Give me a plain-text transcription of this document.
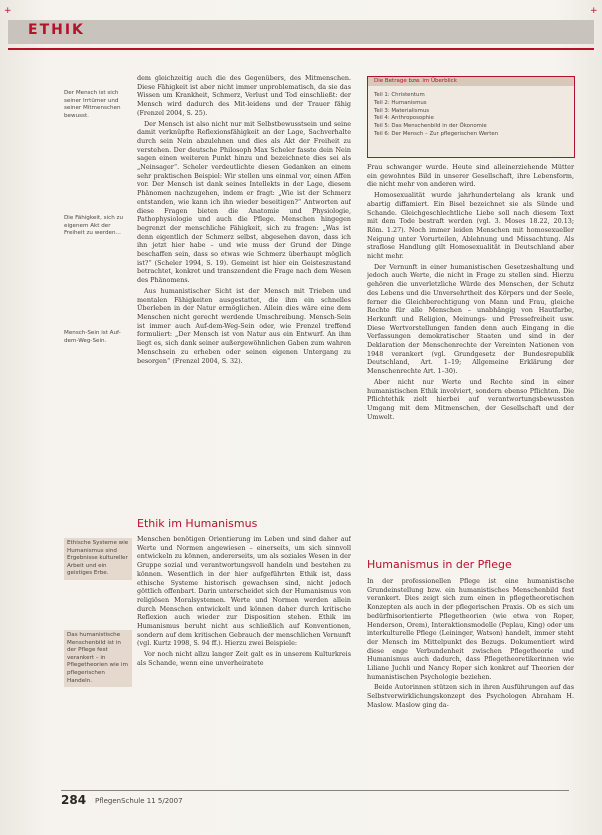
ETHIK
+	+
Der Mensch ist sich seiner Irrtümer und seiner Mitmenschen bewusst.
Die Fähigkeit, sich zu eigenem Akt der Freiheit zu werden...
Mensch-Sein ist Auf-dem-Weg-Sein.
Ethische Systeme wie Humanismus sind Ergebnisse kultureller Arbeit und ein geistiges Erbe.
Das humanistische Menschenbild ist in der Pflege fest verankert – in Pflegetheorien wie im pflegerischen Handeln.

dem gleichzeitig auch die des Gegenübers, des Mitmenschen. Diese Fähigkeit ist aber nicht immer unproblematisch, da sie das Wissen um Krankheit, Schmerz, Verlust und Tod einschließt: der Mensch wird dadurch des Mit-leidens und der Trauer fähig (Frenzel 2004, S. 25).

Der Mensch ist also nicht nur mit Selbstbewusstsein und seine damit verknüpfte Reflexionsfähigkeit an der Lage, Sachverhalte durch sein Nein abzulehnen und dies als Akt der Freiheit zu verstehen. Der deutsche Philosoph Max Scheler fasste dein Nein sagen einen weiteren Punkt hinzu und bezeichnete dies sei als „Neinsager“. Scheler verdeutlichte diesen Gedanken an einem sehr praktischen Beispiel: Wir stellen uns einmal vor, einen Affen vor. Der Mensch ist dank seines Intellekts in der Lage, diesem Phänomen nachzugehen, indem er fragt: „Wie ist der Schmerz entstanden, wie kann ich ihn wieder beseitigen?“ Antworten auf diese Fragen bieten die Anatomie und Physiologie, Pathophysiologie und auch die Pflege. Menschen hingegen begrenzt der menschliche Fähigkeit, sich zu fragen: „Was ist denn eigentlich der Schmerz selbst, abgesehen davon, dass ich ihn jetzt hier habe – und wie muss der Grund der Dinge beschaffen sein, dass so etwas wie Schmerz überhaupt möglich ist?“ (Scheler 1994, S. 19). Gemeint ist hier ein Geisteszustand betrachtet, konkret und transzendent die Frage nach dem Wesen des Phänomens.

Aus humanistischer Sicht ist der Mensch mit Trieben und mentalen Fähigkeiten ausgestattet, die ihm ein schnelles Überleben in der Natur ermöglichen. Allein dies wäre eine dem Menschen nicht gerecht werdende Umschreibung. Mensch-Sein ist immer auch Auf-dem-Weg-Sein oder, wie Frenzel treffend formuliert: „Der Mensch ist von Natur aus ein Entwurf. An ihm liegt es, sich dank seiner außergewöhnlichen Gaben zum wahren Menschsein zu erheben oder seinen eigenen Untergang zu besorgen“ (Frenzel 2004, S. 32).

Ethik im Humanismus

Menschen benötigen Orientierung im Leben und sind daher auf Werte und Normen angewiesen – einerseits, um sich sinnvoll entwickeln zu können, andererseits, um als soziales Wesen in der Gruppe sozial und verantwortungsvoll handeln und bestehen zu können. Wesentlich in der hier aufgeführten Ethik ist, dass ethische Systeme historisch gewachsen sind, nicht jedoch göttlich offenbart. Darin unterscheidet sich der Humanismus von religiösen Moralsystemen. Werte und Normen werden allein durch Menschen entwickelt und können daher durch kritische Reflexion auch wieder zur Disposition stehen. Ethik im Humanismus beruht nicht aus schließlich auf Konventionen, sondern auf dem kritischen Gebrauch der menschlichen Vernunft (vgl. Kurtz 1998, S. 94 ff.). Hierzu zwei Beispiele:

Vor noch nicht allzu langer Zeit galt es in unserem Kulturkreis als Schande, wenn eine unverheiratete

Die Betrage bzw. im Überblick
Teil 1: Christentum
Teil 2: Humanismus
Teil 3: Materialismus
Teil 4: Anthroposophie
Teil 5: Das Menschenbild in der Ökonomie
Teil 6: Der Mensch – Zur pflegerischen Werten

Frau schwanger wurde. Heute sind alleinerziehende Mütter ein gewohntes Bild in unserer Gesellschaft, ihre Lebensform, die nicht mehr von anderen wird.

Homosexualität wurde jahrhundertelang als krank und abartig diffamiert. Ein Bisel bezeichnet sie als Sünde und Schande. Gleichgeschlechtliche Liebe soll nach diesem Text mit dem Tode bestraft werden (vgl. 3. Moses 18.22, 20.13; Röm. 1.27). Noch immer leiden Menschen mit homosexueller Neigung unter Vorurteilen, Ablehnung und Missachtung. Als straflose Handlung gilt Homosexualität in Deutschland aber nicht mehr.

Der Vernunft in einer humanistischen Gesetzeshaltung und jedoch auch Werte, die nicht in Frage zu stellen sind. Hierzu gehören die unverletzliche Würde des Menschen, der Schutz des Lebens und die Unversehrtheit des Körpers und der Seele, ferner die Gleichberechtigung von Mann und Frau, gleiche Rechte für alle Menschen – unabhängig von Hautfarbe, Herkunft und Religion, Meinungs- und Pressefreiheit usw. Diese Wertvorstellungen fanden denn auch Eingang in die Verfassungen demokratischer Staaten und sind in der Deklaration der Menschenrechte der Vereinten Nationen von 1948 verankert (vgl. Grundgesetz der Bundesrepublik Deutschland, Art. 1–19; Allgemeine Erklärung der Menschenrechte Art. 1–30).

Aber nicht nur Werte und Rechte sind in einer humanistischen Ethik involviert, sondern ebenso Pflichten. Die Pflichtethik zielt hierbei auf verantwortungsbewussten Umgang mit dem Mitmenschen, der Gesellschaft und der Umwelt.

Humanismus in der Pflege

In der professionellen Pflege ist eine humanistische Grundeinstellung bzw. ein humanistisches Menschenbild fest verankert. Dies zeigt sich zum einen in pflegetheoretischen Konzepten als auch in der pflegerischen Praxis. Ob es sich um bedürfnisorientierte Pflegetheorien (wie etwa von Roper, Henderson, Orem), Interaktionsmodelle (Peplau, King) oder um interkulturelle Pflege (Leininger, Watson) handelt, immer steht der Mensch im Mittelpunkt des Bezugs. Dokumentiert wird diese enge Verbundenheit zwischen Pflegetheorie und Humanismus auch dadurch, dass Pflegetheoretikerinnen wie Liliane Juchli und Nancy Roper sich konkret auf Theorien der humanistischen Psychologie beziehen.

Beide Autorinnen stützen sich in ihren Ausführungen auf das Selbstverwirklichungskonzept des Psychologen Abraham H. Maslow. Maslow ging da-

284 PflegenSchule 11 5/2007
